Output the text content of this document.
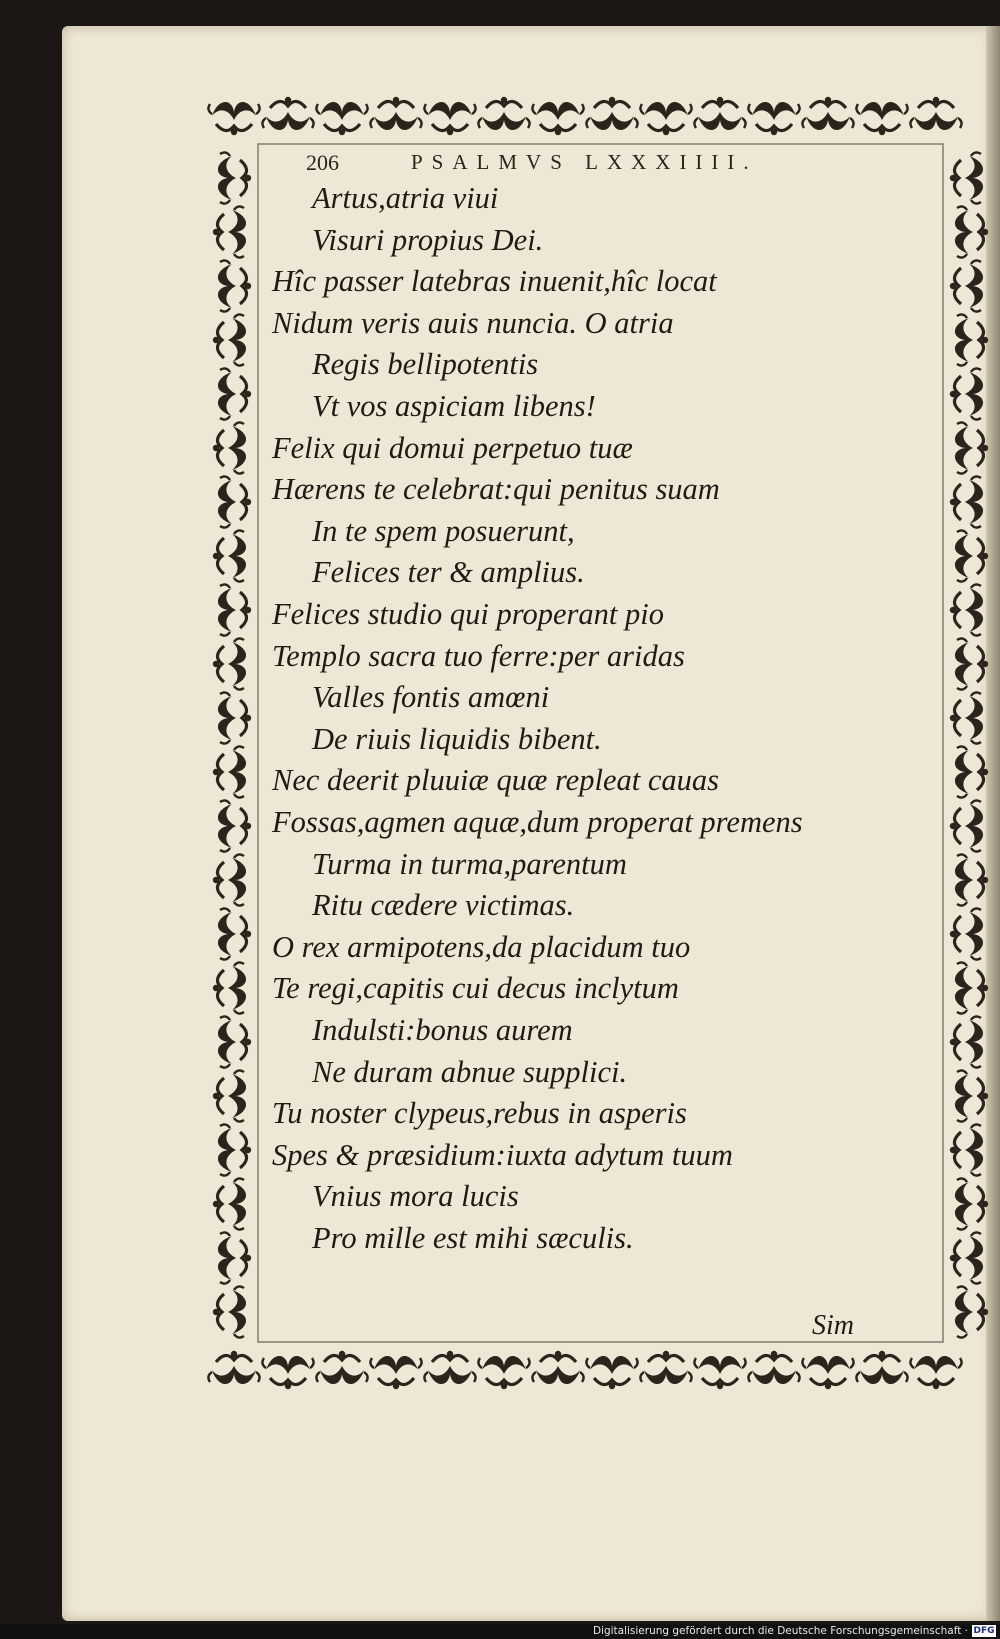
206	PSALMVS LXXXIIII.
Artus,atria viui
Visuri propius Dei.
Hîc passer latebras inuenit,hîc locat
Nidum veris auis nuncia. O atria
Regis bellipotentis
Vt vos aspiciam libens!
Felix qui domui perpetuo tuæ
Hærens te celebrat:qui penitus suam
In te spem posuerunt,
Felices ter & amplius.
Felices studio qui properant pio
Templo sacra tuo ferre:per aridas
Valles fontis amœni
De riuis liquidis bibent.
Nec deerit pluuiæ quæ repleat cauas
Fossas,agmen aquæ,dum properat premens
Turma in turma,parentum
Ritu cædere victimas.
O rex armipotens,da placidum tuo
Te regi,capitis cui decus inclytum
Indulsti:bonus aurem
Ne duram abnue supplici.
Tu noster clypeus,rebus in asperis
Spes & præsidium:iuxta adytum tuum
Vnius mora lucis
Pro mille est mihi sæculis.
Sim
Digitalisierung gefördert durch die Deutsche Forschungsgemeinschaft · DFG
